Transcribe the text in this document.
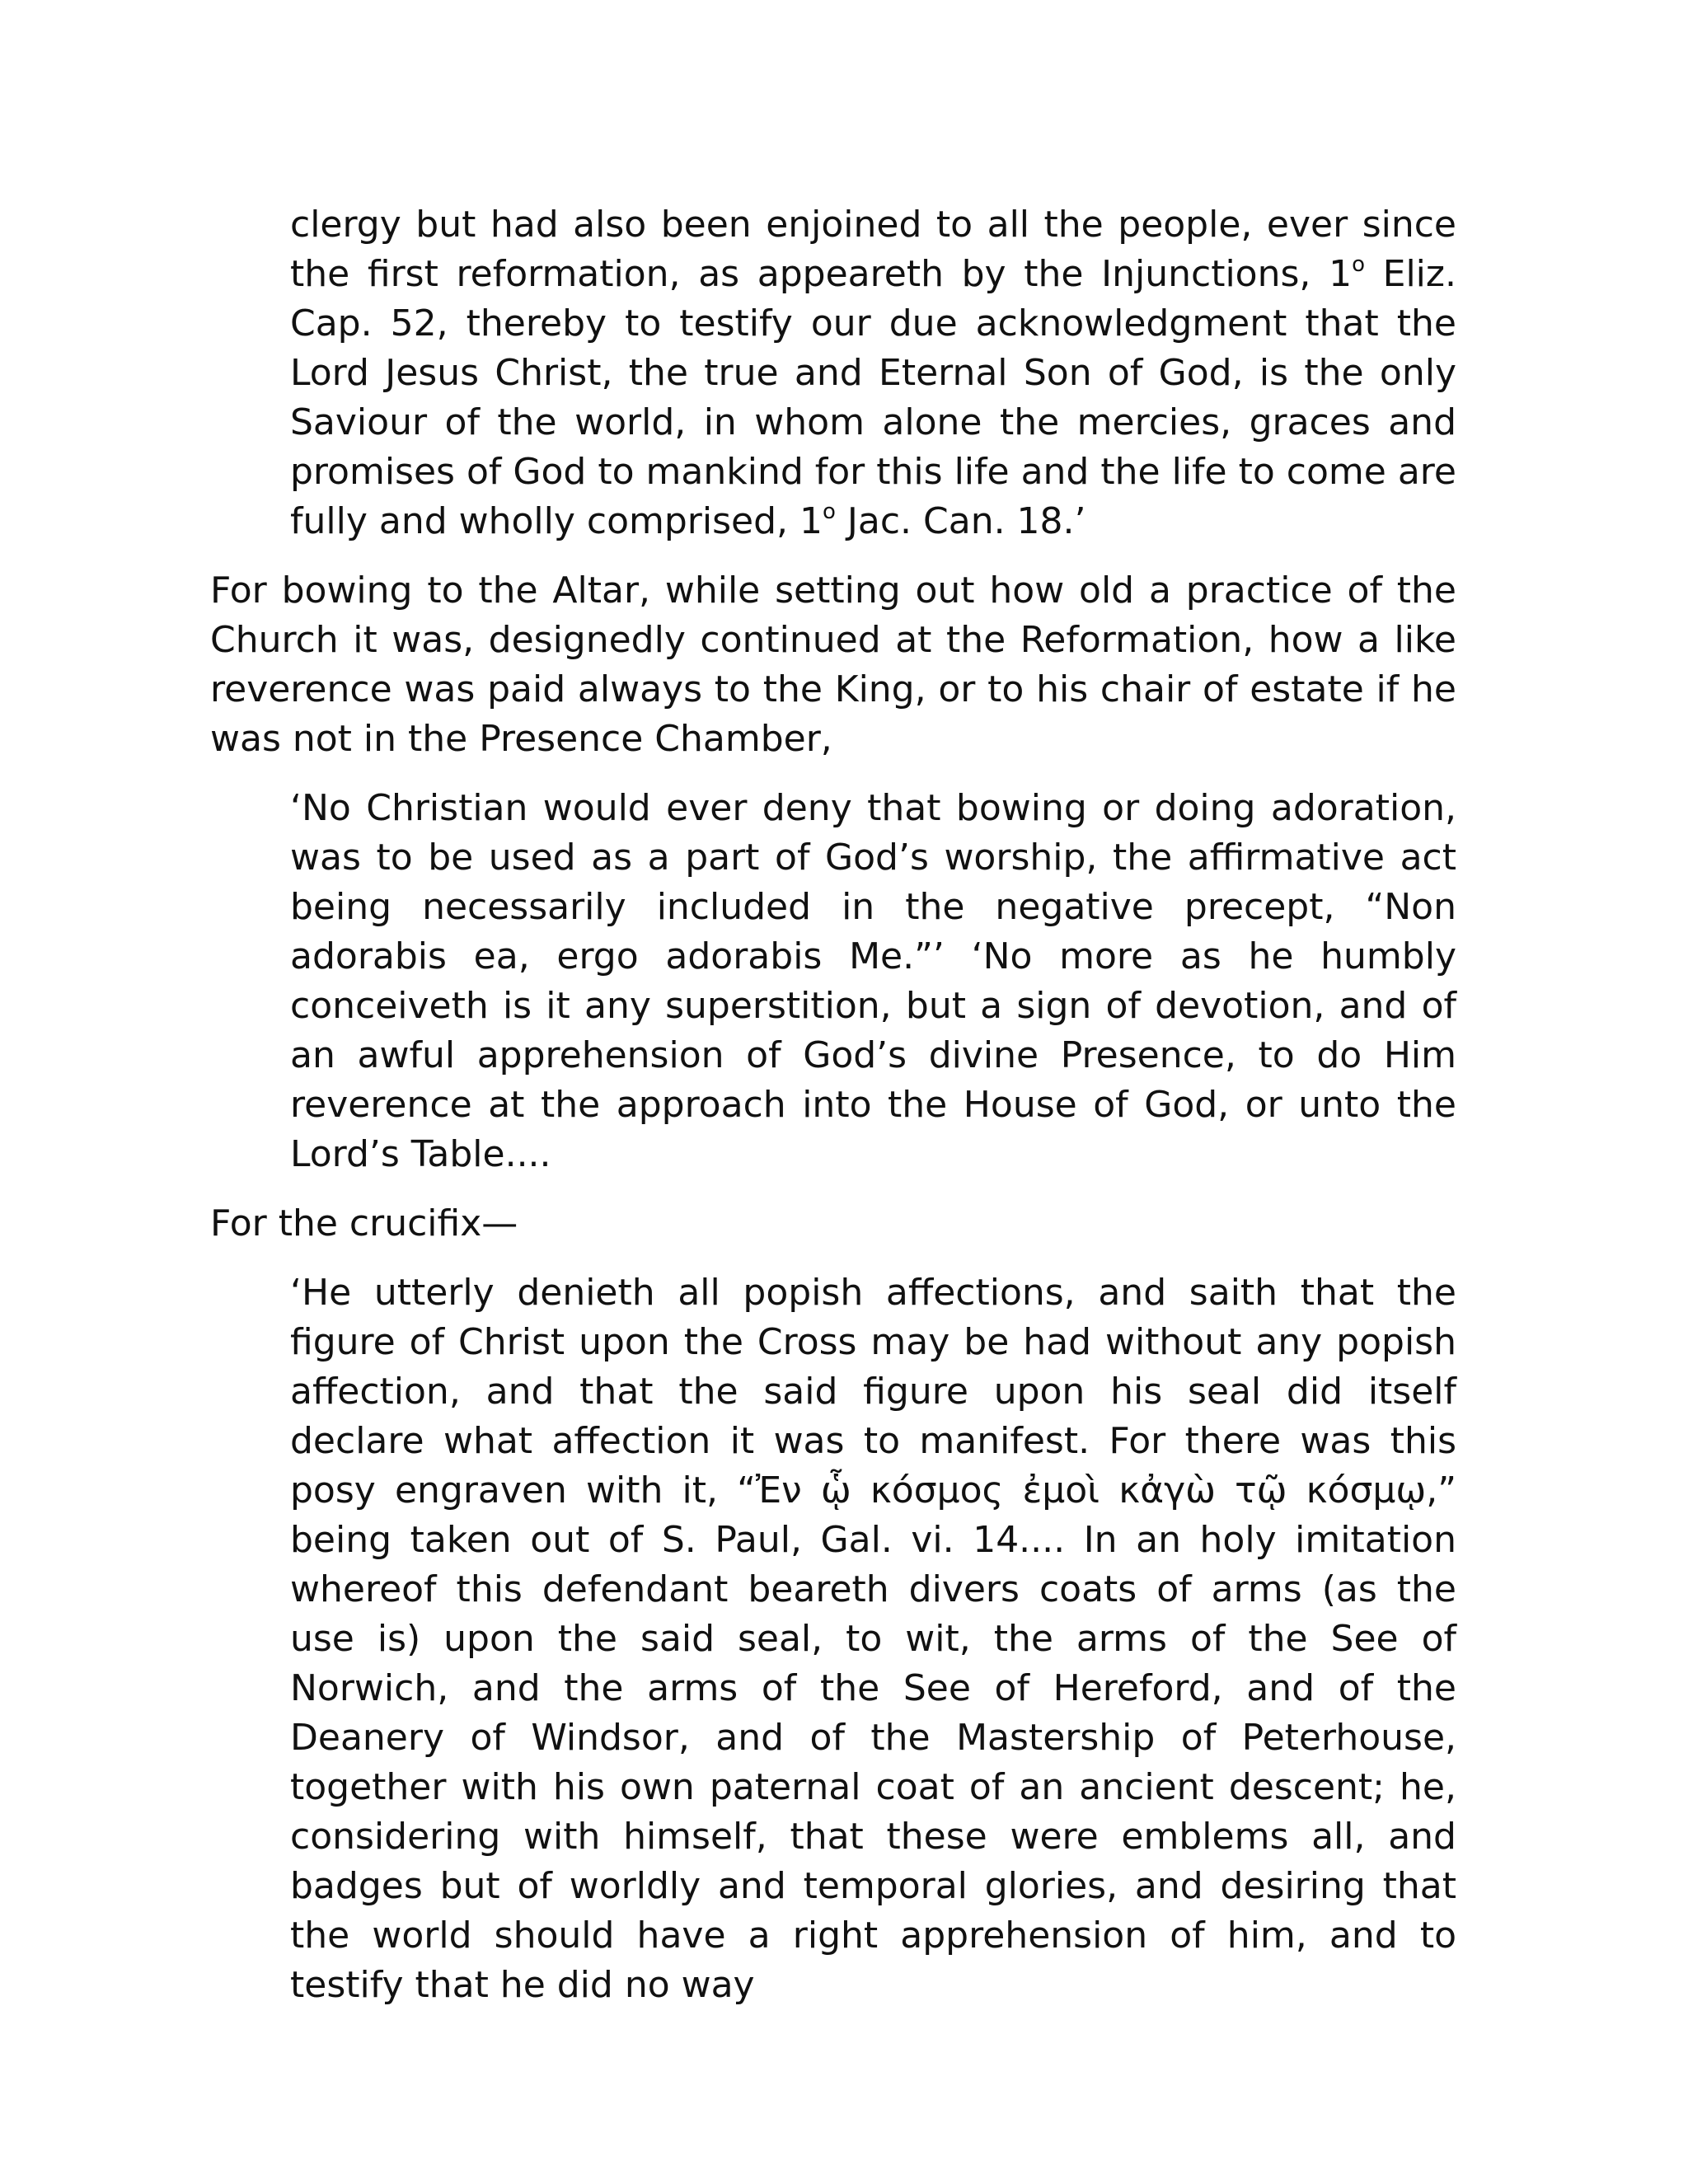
clergy but had also been enjoined to all the people, ever since the first reformation, as appeareth by the Injunctions, 1$^o$ Eliz. Cap. 52, thereby to testify our due acknowledgment that the Lord Jesus Christ, the true and Eternal Son of God, is the only Saviour of the world, in whom alone the mercies, graces and promises of God to mankind for this life and the life to come are fully and wholly comprised, 1$^o$ Jac. Can. 18.’

For bowing to the Altar, while setting out how old a practice of the Church it was, designedly continued at the Reformation, how a like reverence was paid always to the King, or to his chair of estate if he was not in the Presence Chamber,

‘No Christian would ever deny that bowing or doing adoration, was to be used as a part of God’s worship, the affirmative act being necessarily included in the negative precept, “Non adorabis ea, ergo adorabis Me.”’ ‘No more as he humbly conceiveth is it any superstition, but a sign of devotion, and of an awful apprehension of God’s divine Presence, to do Him reverence at the approach into the House of God, or unto the Lord’s Table....

For the crucifix—

‘He utterly denieth all popish affections, and saith that the figure of Christ upon the Cross may be had without any popish affection, and that the said figure upon his seal did itself declare what affection it was to manifest. For there was this posy engraven with it, “Ἐν ᾧ κόσμος ἐμοὶ κἀγὼ τῷ κόσμῳ,” being taken out of S. Paul, Gal. vi. 14.... In an holy imitation whereof this defendant beareth divers coats of arms (as the use is) upon the said seal, to wit, the arms of the See of Norwich, and the arms of the See of Hereford, and of the Deanery of Windsor, and of the Mastership of Peterhouse, together with his own paternal coat of an ancient descent; he, considering with himself, that these were emblems all, and badges but of worldly and temporal glories, and desiring that the world should have a right apprehension of him, and to testify that he did no way
